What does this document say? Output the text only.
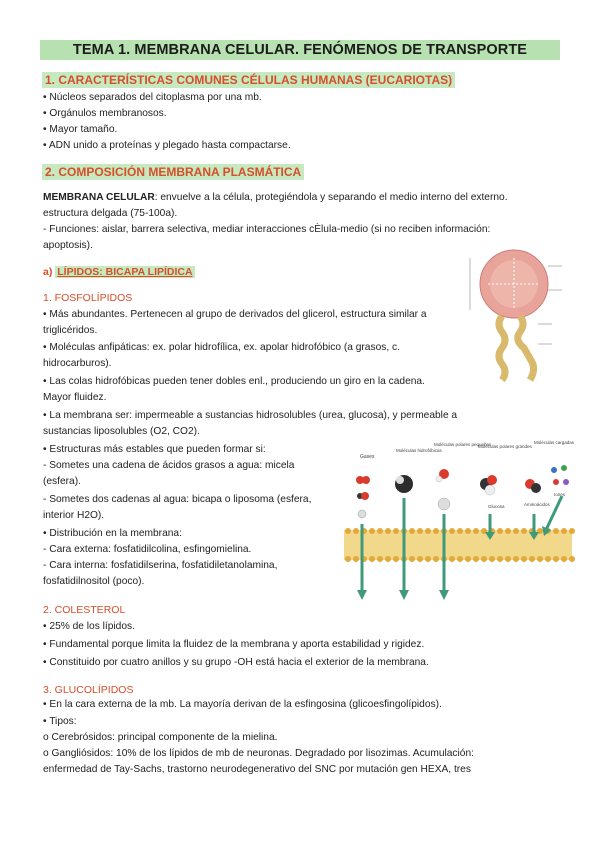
TEMA 1. MEMBRANA CELULAR. FENÓMENOS DE TRANSPORTE
1. CARACTERÍSTICAS COMUNES CÉLULAS HUMANAS (EUCARIOTAS)
• Núcleos separados del citoplasma por una mb.
• Orgánulos membranosos.
• Mayor tamaño.
• ADN unido a proteínas y plegado hasta compactarse.
2. COMPOSICIÓN MEMBRANA PLASMÁTICA
MEMBRANA CELULAR: envuelve a la célula, protegiéndola y separando el medio interno del externo.
estructura delgada (75-100a).
- Funciones: aislar, barrera selectiva, mediar interacciones cÈlula-medio (si no reciben información:
apoptosis).
a) LÍPIDOS: BICAPA LIPÍDICA
1. FOSFOLÍPIDOS
• Más abundantes. Pertenecen al grupo de derivados del glicerol, estructura similar a
triglicéridos.
• Moléculas anfipáticas: ex. polar hidrofílica, ex. apolar hidrofóbico (a grasos, c.
hidrocarburos).
• Las colas hidrofóbicas pueden tener dobles enl., produciendo un giro en la cadena.
Mayor fluidez.
• La membrana ser: impermeable a sustancias hidrosolubles (urea, glucosa), y permeable a
sustancias liposolubles (O2, CO2).
• Estructuras más estables que pueden formar si:
- Sometes una cadena de ácidos grasos a agua: micela
(esfera).
- Sometes dos cadenas al agua: bicapa o liposoma (esfera,
interior H2O).
• Distribución en la membrana:
- Cara externa: fosfatidilcolina, esfingomielina.
- Cara interna: fosfatidilserina, fosfatidiletanolamina,
fosfatidilnositol (poco).
2. COLESTEROL
• 25% de los lípidos.
• Fundamental porque limita la fluidez de la membrana y aporta estabilidad y rigidez.
• Constituido por cuatro anillos y su grupo -OH está hacia el exterior de la membrana.
3. GLUCOLÍPIDOS
• En la cara externa de la mb. La mayoría derivan de la esfingosina (glicoesfingolípidos).
• Tipos:
o Cerebrósidos: principal componente de la mielina.
o Gangliósidos: 10% de los lípidos de mb de neuronas. Degradado por lisozimas. Acumulación:
enfermedad de Tay-Sachs, trastorno neurodegenerativo del SNC por mutación gen HEXA, tres
Gases
Moléculas hidrofóbicas
Moléculas polares pequeñas
Moléculas polares grandes
Moléculas cargadas
Glucosa	Aminoácidos
Iones
